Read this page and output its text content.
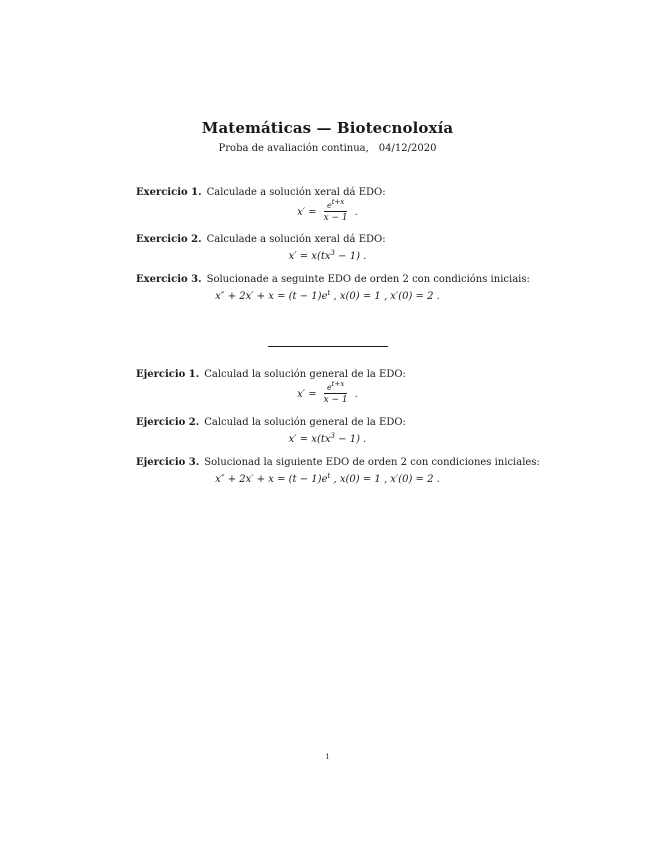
Matemáticas — Biotecnoloxía
Proba de avaliación continua, 04/12/2020
Exercicio 1. Calculade a solución xeral dá EDO:
$x' = \frac{e^{t+x}}{x - 1}$ .
Exercicio 2. Calculade a solución xeral dá EDO:
$x' = x(tx^3 - 1)$ .
Exercicio 3. Solucionade a seguinte EDO de orden 2 con condicións iniciais:
$x'' + 2x' + x = (t - 1)e^t$ , x(0) = 1 , x′(0) = 2 .
Ejercicio 1. Calculad la solución general de la EDO:
$x' = \frac{e^{t+x}}{x - 1}$ .
Ejercicio 2. Calculad la solución general de la EDO:
$x' = x(tx^3 - 1)$ .
Ejercicio 3. Solucionad la siguiente EDO de orden 2 con condiciones iniciales:
$x'' + 2x' + x = (t - 1)e^t$ , x(0) = 1 , x′(0) = 2 .
1
